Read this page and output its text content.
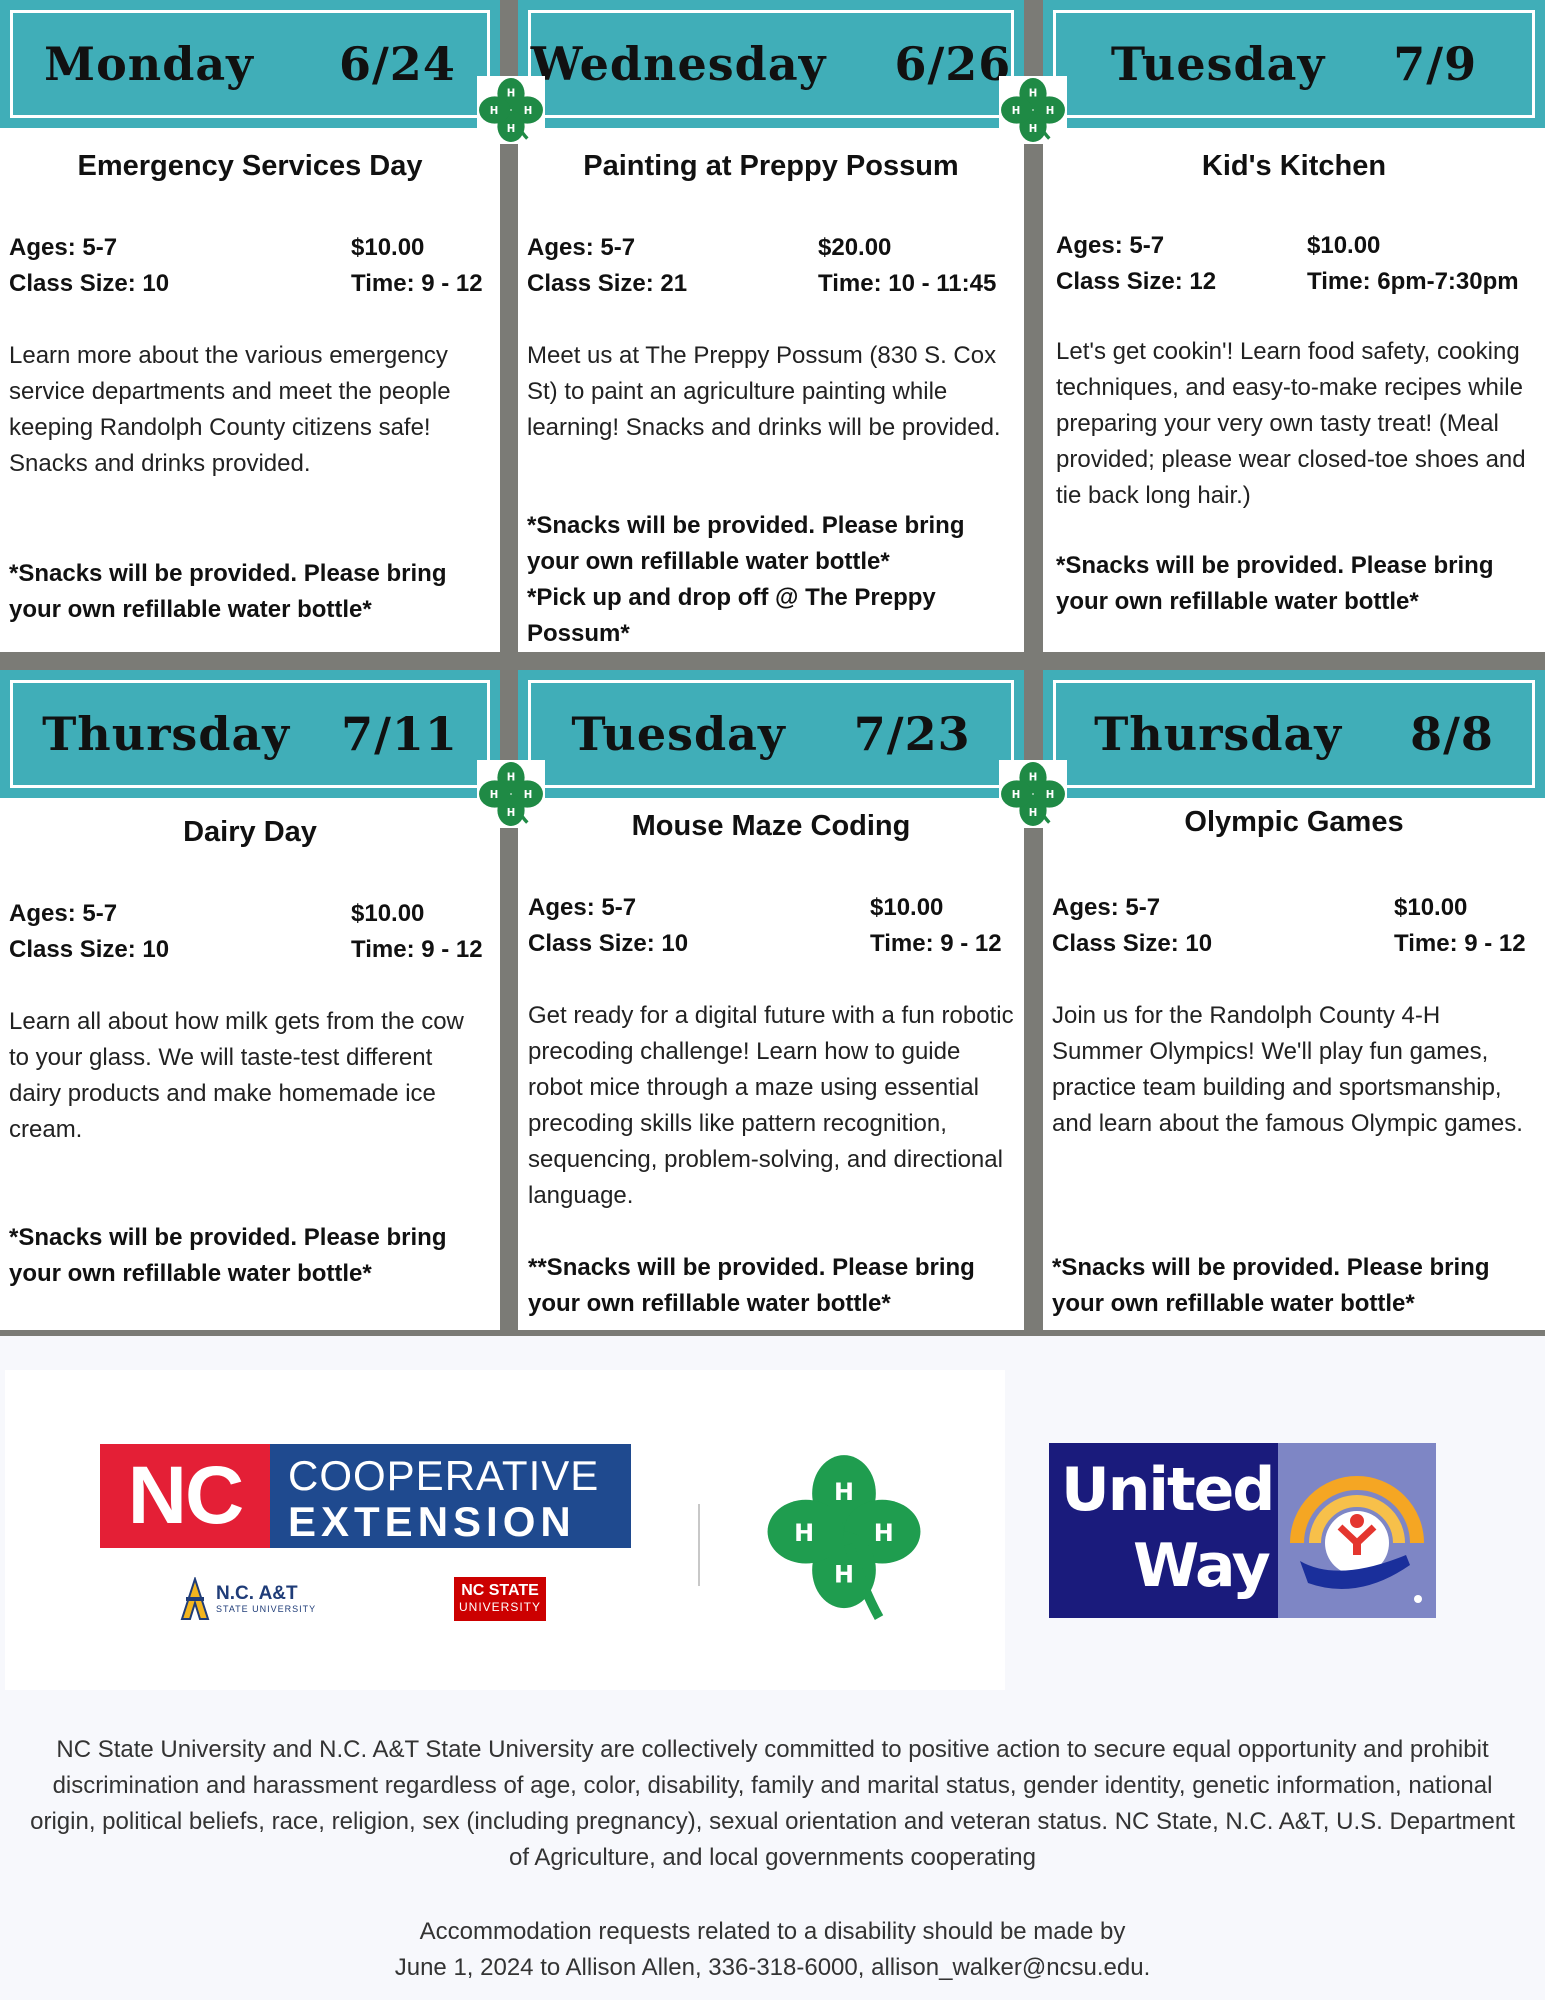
Monday 6/24
Emergency Services Day
Ages: 5-7	$10.00
Class Size: 10	Time: 9 - 12
Learn more about the various emergency service departments and meet the people keeping Randolph County citizens safe! Snacks and drinks provided.
*Snacks will be provided. Please bring your own refillable water bottle*
Wednesday 6/26
Painting at Preppy Possum
Ages: 5-7	$20.00
Class Size: 21	Time: 10 - 11:45
Meet us at The Preppy Possum (830 S. Cox St) to paint an agriculture painting while learning! Snacks and drinks will be provided.
*Snacks will be provided. Please bring your own refillable water bottle*
*Pick up and drop off @ The Preppy Possum*
Tuesday 7/9
Kid's Kitchen
Ages: 5-7	$10.00
Class Size: 12	Time: 6pm-7:30pm
Let's get cookin'! Learn food safety, cooking techniques, and easy-to-make recipes while preparing your very own tasty treat! (Meal provided; please wear closed-toe shoes and tie back long hair.)
*Snacks will be provided. Please bring your own refillable water bottle*
Thursday 7/11
Dairy Day
Ages: 5-7	$10.00
Class Size: 10	Time: 9 - 12
Learn all about how milk gets from the cow to your glass. We will taste-test different dairy products and make homemade ice cream.
*Snacks will be provided. Please bring your own refillable water bottle*
Tuesday 7/23
Mouse Maze Coding
Ages: 5-7	$10.00
Class Size: 10	Time: 9 - 12
Get ready for a digital future with a fun robotic precoding challenge! Learn how to guide robot mice through a maze using essential precoding skills like pattern recognition, sequencing, problem-solving, and directional language.
**Snacks will be provided. Please bring your own refillable water bottle*
Thursday 8/8
Olympic Games
Ages: 5-7	$10.00
Class Size: 10	Time: 9 - 12
Join us for the Randolph County 4-H Summer Olympics! We'll play fun games, practice team building and sportsmanship, and learn about the famous Olympic games.
*Snacks will be provided. Please bring your own refillable water bottle*
NC	COOPERATIVE
EXTENSION
N.C. A&T
STATE UNIVERSITY
NC STATE
UNIVERSITY
H
H
H	H
United
Way
NC State University and N.C. A&T State University are collectively committed to positive action to secure equal opportunity and prohibit discrimination and harassment regardless of age, color, disability, family and marital status, gender identity, genetic information, national origin, political beliefs, race, religion, sex (including pregnancy), sexual orientation and veteran status. NC State, N.C. A&T, U.S. Department of Agriculture, and local governments cooperating
Accommodation requests related to a disability should be made by
June 1, 2024 to Allison Allen, 336-318-6000, allison_walker@ncsu.edu.
